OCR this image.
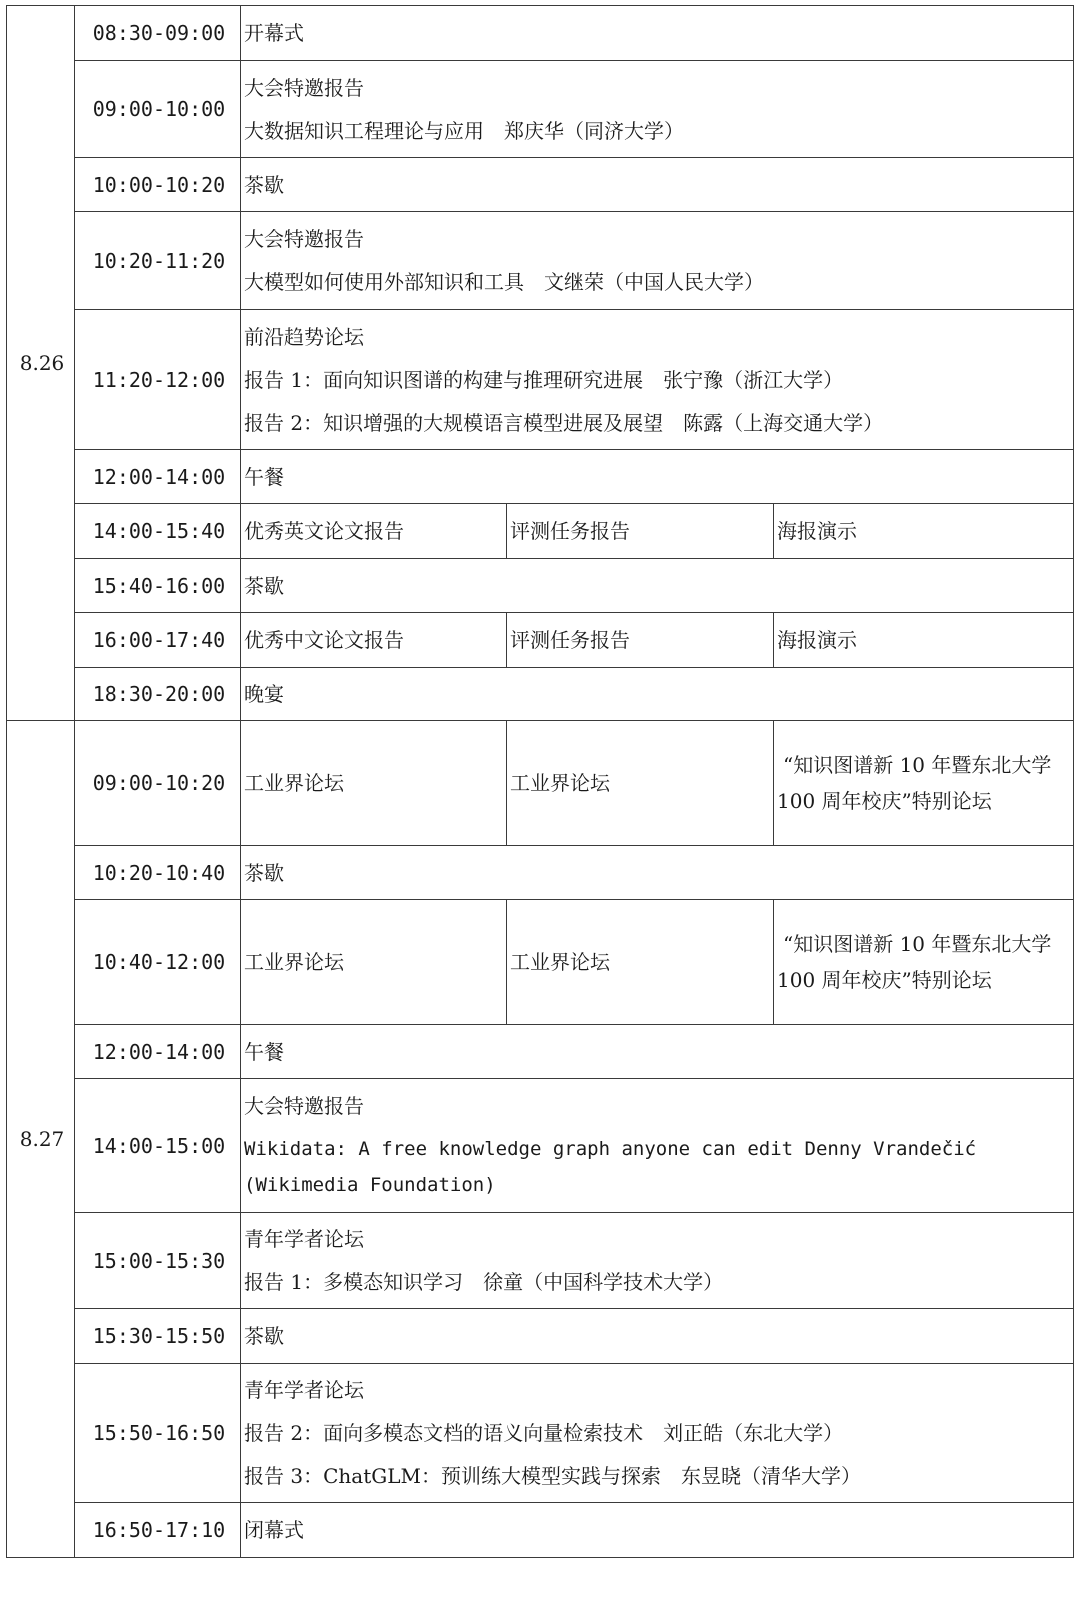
8.26	08:30-09:00	开幕式		

	09:00-10:00	大会特邀报告
大数据知识工程理论与应用　郑庆华（同济大学）		

	10:00-10:20	茶歇		

	10:20-11:20	大会特邀报告
大模型如何使用外部知识和工具　文继荣（中国人民大学）		

	11:20-12:00	前沿趋势论坛
报告 1：面向知识图谱的构建与推理研究进展　张宁豫（浙江大学）
报告 2：知识增强的大规模语言模型进展及展望　陈露（上海交通大学）		

	12:00-14:00	午餐		

	14:00-15:40	优秀英文论文报告	评测任务报告	海报演示
	15:40-16:00	茶歇		

	16:00-17:40	优秀中文论文报告	评测任务报告	海报演示
	18:30-20:00	晚宴		

8.27	09:00-10:20	工业界论坛	工业界论坛	“知识图谱新 10 年暨东北大学 100 周年校庆”特别论坛
	10:20-10:40	茶歇		

	10:40-12:00	工业界论坛	工业界论坛	“知识图谱新 10 年暨东北大学 100 周年校庆”特别论坛
	12:00-14:00	午餐		

	14:00-15:00	大会特邀报告
Wikidata: A free knowledge graph anyone can edit Denny Vrandečić
(Wikimedia Foundation)		

	15:00-15:30	青年学者论坛
报告 1：多模态知识学习　徐童（中国科学技术大学）		

	15:30-15:50	茶歇		

	15:50-16:50	青年学者论坛
报告 2：面向多模态文档的语义向量检索技术　刘正皓（东北大学）
报告 3：ChatGLM：预训练大模型实践与探索　东昱晓（清华大学）		

	16:50-17:10	闭幕式		
